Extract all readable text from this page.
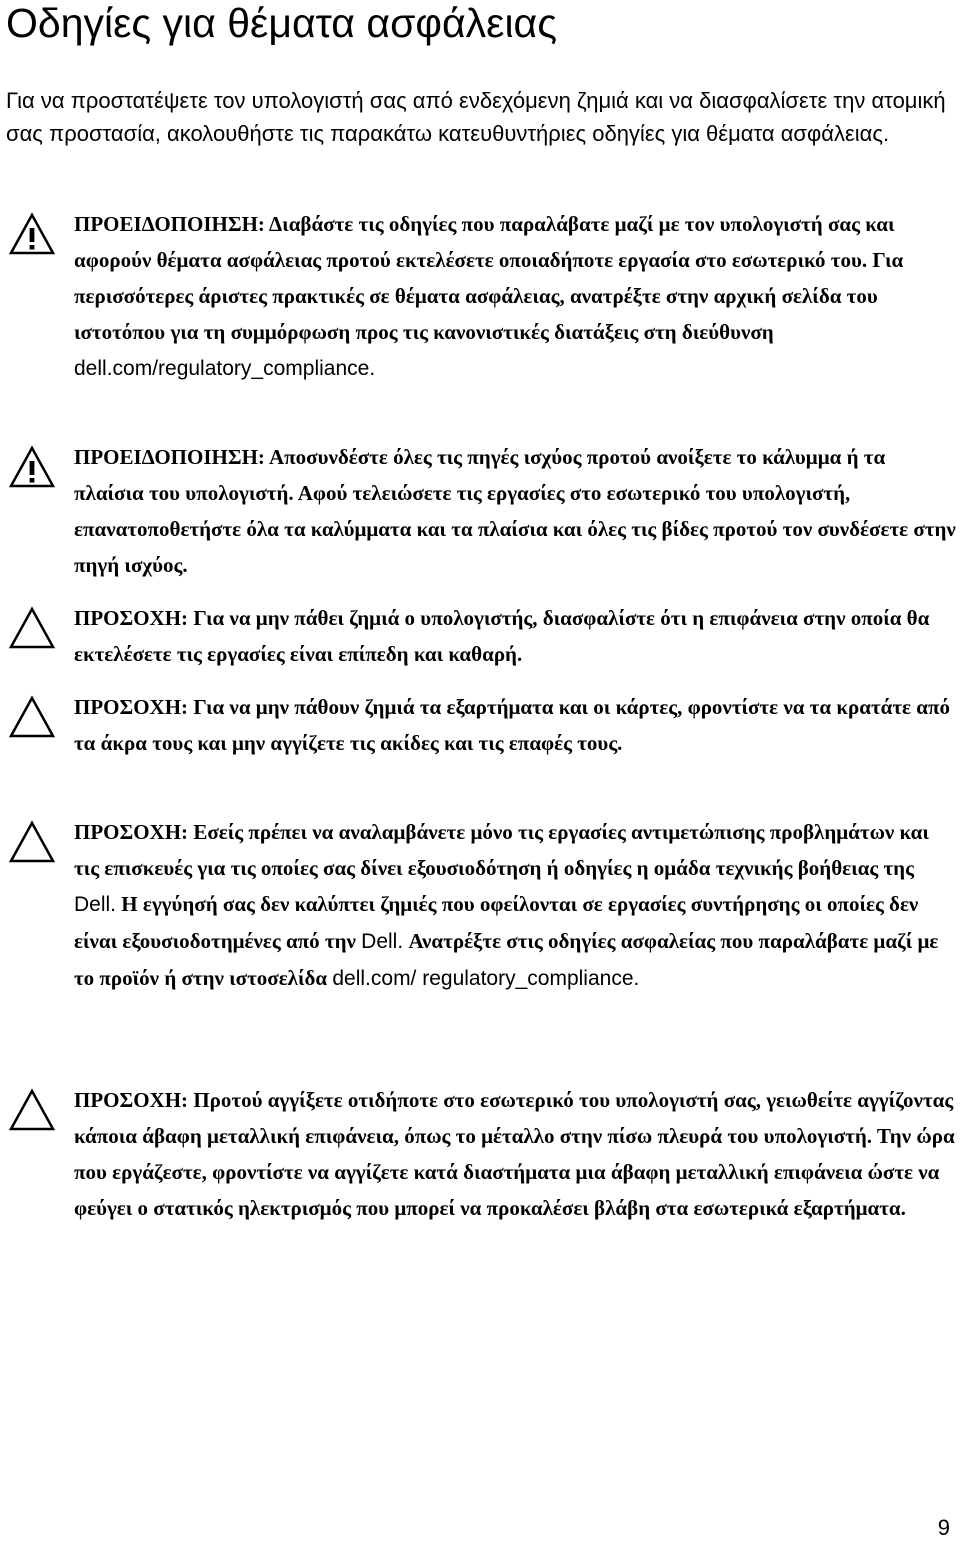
Οδηγίες για θέματα ασφάλειας

Για να προστατέψετε τον υπολογιστή σας από ενδεχόμενη ζημιά και να διασφαλίσετε την ατομική σας προστασία, ακολουθήστε τις παρακάτω κατευθυντήριες οδηγίες για θέματα ασφάλειας.

ΠΡΟΕΙΔΟΠΟΙΗΣΗ: Διαβάστε τις οδηγίες που παραλάβατε μαζί με τον υπολογιστή σας και αφορούν θέματα ασφάλειας προτού εκτελέσετε οποιαδήποτε εργασία στο εσωτερικό του. Για περισσότερες άριστες πρακτικές σε θέματα ασφάλειας, ανατρέξτε στην αρχική σελίδα του ιστοτόπου για τη συμμόρφωση προς τις κανονιστικές διατάξεις στη διεύθυνση dell.com/regulatory_compliance.

ΠΡΟΕΙΔΟΠΟΙΗΣΗ: Αποσυνδέστε όλες τις πηγές ισχύος προτού ανοίξετε το κάλυμμα ή τα πλαίσια του υπολογιστή. Αφού τελειώσετε τις εργασίες στο εσωτερικό του υπολογιστή, επανατοποθετήστε όλα τα καλύμματα και τα πλαίσια και όλες τις βίδες προτού τον συνδέσετε στην πηγή ισχύος.

ΠΡΟΣΟΧΗ: Για να μην πάθει ζημιά ο υπολογιστής, διασφαλίστε ότι η επιφάνεια στην οποία θα εκτελέσετε τις εργασίες είναι επίπεδη και καθαρή.

ΠΡΟΣΟΧΗ: Για να μην πάθουν ζημιά τα εξαρτήματα και οι κάρτες, φροντίστε να τα κρατάτε από τα άκρα τους και μην αγγίζετε τις ακίδες και τις επαφές τους.

ΠΡΟΣΟΧΗ: Εσείς πρέπει να αναλαμβάνετε μόνο τις εργασίες αντιμετώπισης προβλημάτων και τις επισκευές για τις οποίες σας δίνει εξουσιοδότηση ή οδηγίες η ομάδα τεχνικής βοήθειας της Dell. Η εγγύησή σας δεν καλύπτει ζημιές που οφείλονται σε εργασίες συντήρησης οι οποίες δεν είναι εξουσιοδοτημένες από την Dell. Ανατρέξτε στις οδηγίες ασφαλείας που παραλάβατε μαζί με το προϊόν ή στην ιστοσελίδα dell.com/ regulatory_compliance.

ΠΡΟΣΟΧΗ: Προτού αγγίξετε οτιδήποτε στο εσωτερικό του υπολογιστή σας, γειωθείτε αγγίζοντας κάποια άβαφη μεταλλική επιφάνεια, όπως το μέταλλο στην πίσω πλευρά του υπολογιστή. Την ώρα που εργάζεστε, φροντίστε να αγγίζετε κατά διαστήματα μια άβαφη μεταλλική επιφάνεια ώστε να φεύγει ο στατικός ηλεκτρισμός που μπορεί να προκαλέσει βλάβη στα εσωτερικά εξαρτήματα.

9
